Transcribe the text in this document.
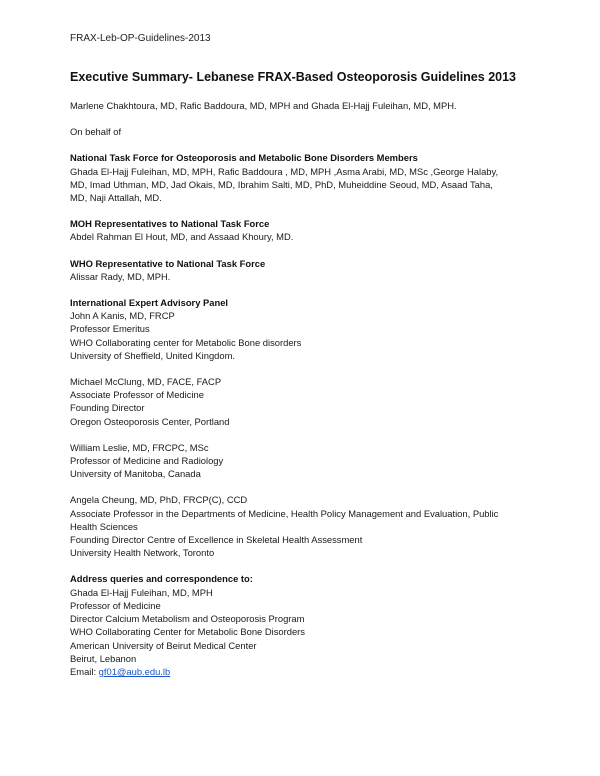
FRAX-Leb-OP-Guidelines-2013
Executive Summary- Lebanese FRAX-Based Osteoporosis Guidelines 2013

Marlene Chakhtoura, MD, Rafic Baddoura, MD, MPH and Ghada El-Hajj Fuleihan, MD, MPH.

On behalf of

National Task Force for Osteoporosis and Metabolic Bone Disorders Members

Ghada El-Hajj Fuleihan, MD, MPH, Rafic Baddoura , MD, MPH ,Asma Arabi, MD, MSc ,George Halaby,

MD, Imad Uthman, MD, Jad Okais, MD, Ibrahim Salti, MD, PhD, Muheiddine Seoud, MD, Asaad Taha,

MD, Naji Attallah, MD.

MOH Representatives to National Task Force

Abdel Rahman El Hout, MD, and Assaad Khoury, MD.

WHO Representative to National Task Force

Alissar Rady, MD, MPH.

International Expert Advisory Panel

John A Kanis, MD, FRCP

Professor Emeritus

WHO Collaborating center for Metabolic Bone disorders

University of Sheffield, United Kingdom.

Michael McClung, MD, FACE, FACP

Associate Professor of Medicine

Founding Director

Oregon Osteoporosis Center, Portland

William Leslie, MD, FRCPC, MSc

Professor of Medicine and Radiology

University of Manitoba, Canada

Angela Cheung, MD, PhD, FRCP(C), CCD

Associate Professor in the Departments of Medicine, Health Policy Management and Evaluation, Public

Health Sciences

Founding Director Centre of Excellence in Skeletal Health Assessment

University Health Network, Toronto

Address queries and correspondence to:

Ghada El-Hajj Fuleihan, MD, MPH

Professor of Medicine

Director Calcium Metabolism and Osteoporosis Program

WHO Collaborating Center for Metabolic Bone Disorders

American University of Beirut Medical Center

Beirut, Lebanon

Email: gf01@aub.edu.lb
